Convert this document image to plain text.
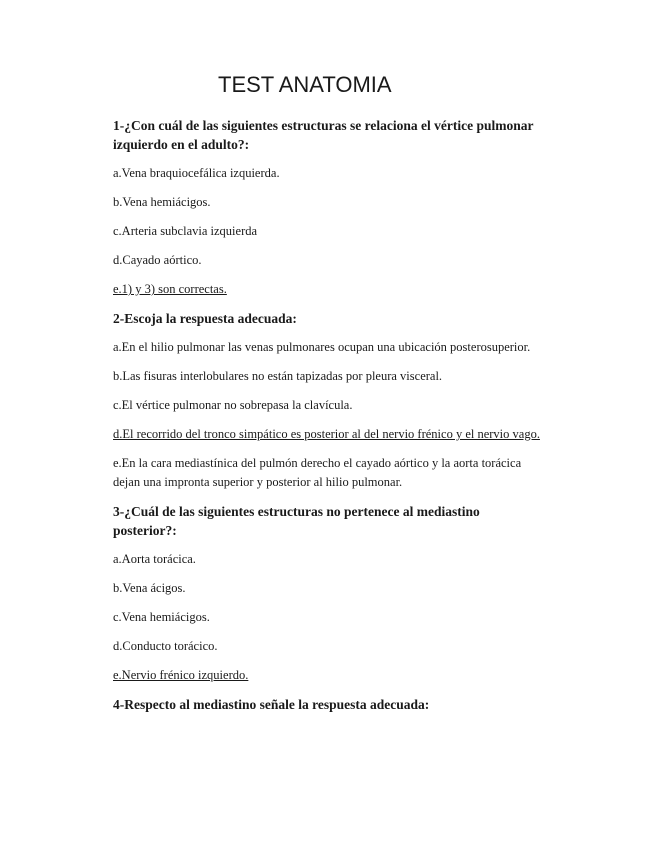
TEST ANATOMIA

1-¿Con cuál de las siguientes estructuras se relaciona el vértice pulmonar izquierdo en el adulto?:

a.Vena braquiocefálica izquierda.

b.Vena hemiácigos.

c.Arteria subclavia izquierda

d.Cayado aórtico.

e.1) y 3) son correctas.

2-Escoja la respuesta adecuada:

a.En el hilio pulmonar las venas pulmonares ocupan una ubicación posterosuperior.

b.Las fisuras interlobulares no están tapizadas por pleura visceral.

c.El vértice pulmonar no sobrepasa la clavícula.

d.El recorrido del tronco simpático es posterior al del nervio frénico y el nervio vago.

e.En la cara mediastínica del pulmón derecho el cayado aórtico y la aorta torácica dejan una impronta superior y posterior al hilio pulmonar.

3-¿Cuál de las siguientes estructuras no pertenece al mediastino posterior?:

a.Aorta torácica.

b.Vena ácigos.

c.Vena hemiácigos.

d.Conducto torácico.

e.Nervio frénico izquierdo.

4-Respecto al mediastino señale la respuesta adecuada:
